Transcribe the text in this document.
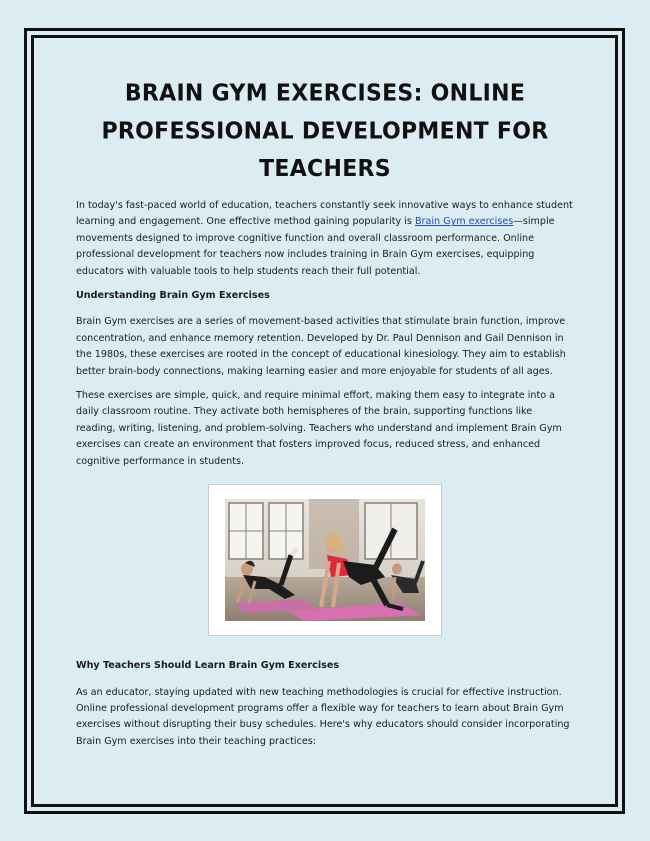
BRAIN GYM EXERCISES: ONLINE PROFESSIONAL DEVELOPMENT FOR TEACHERS

In today's fast-paced world of education, teachers constantly seek innovative ways to enhance student learning and engagement. One effective method gaining popularity is Brain Gym exercises—simple movements designed to improve cognitive function and overall classroom performance. Online professional development for teachers now includes training in Brain Gym exercises, equipping educators with valuable tools to help students reach their full potential.

Understanding Brain Gym Exercises

Brain Gym exercises are a series of movement-based activities that stimulate brain function, improve concentration, and enhance memory retention. Developed by Dr. Paul Dennison and Gail Dennison in the 1980s, these exercises are rooted in the concept of educational kinesiology. They aim to establish better brain-body connections, making learning easier and more enjoyable for students of all ages.

These exercises are simple, quick, and require minimal effort, making them easy to integrate into a daily classroom routine. They activate both hemispheres of the brain, supporting functions like reading, writing, listening, and problem-solving. Teachers who understand and implement Brain Gym exercises can create an environment that fosters improved focus, reduced stress, and enhanced cognitive performance in students.

Why Teachers Should Learn Brain Gym Exercises

As an educator, staying updated with new teaching methodologies is crucial for effective instruction. Online professional development programs offer a flexible way for teachers to learn about Brain Gym exercises without disrupting their busy schedules. Here's why educators should consider incorporating Brain Gym exercises into their teaching practices:
